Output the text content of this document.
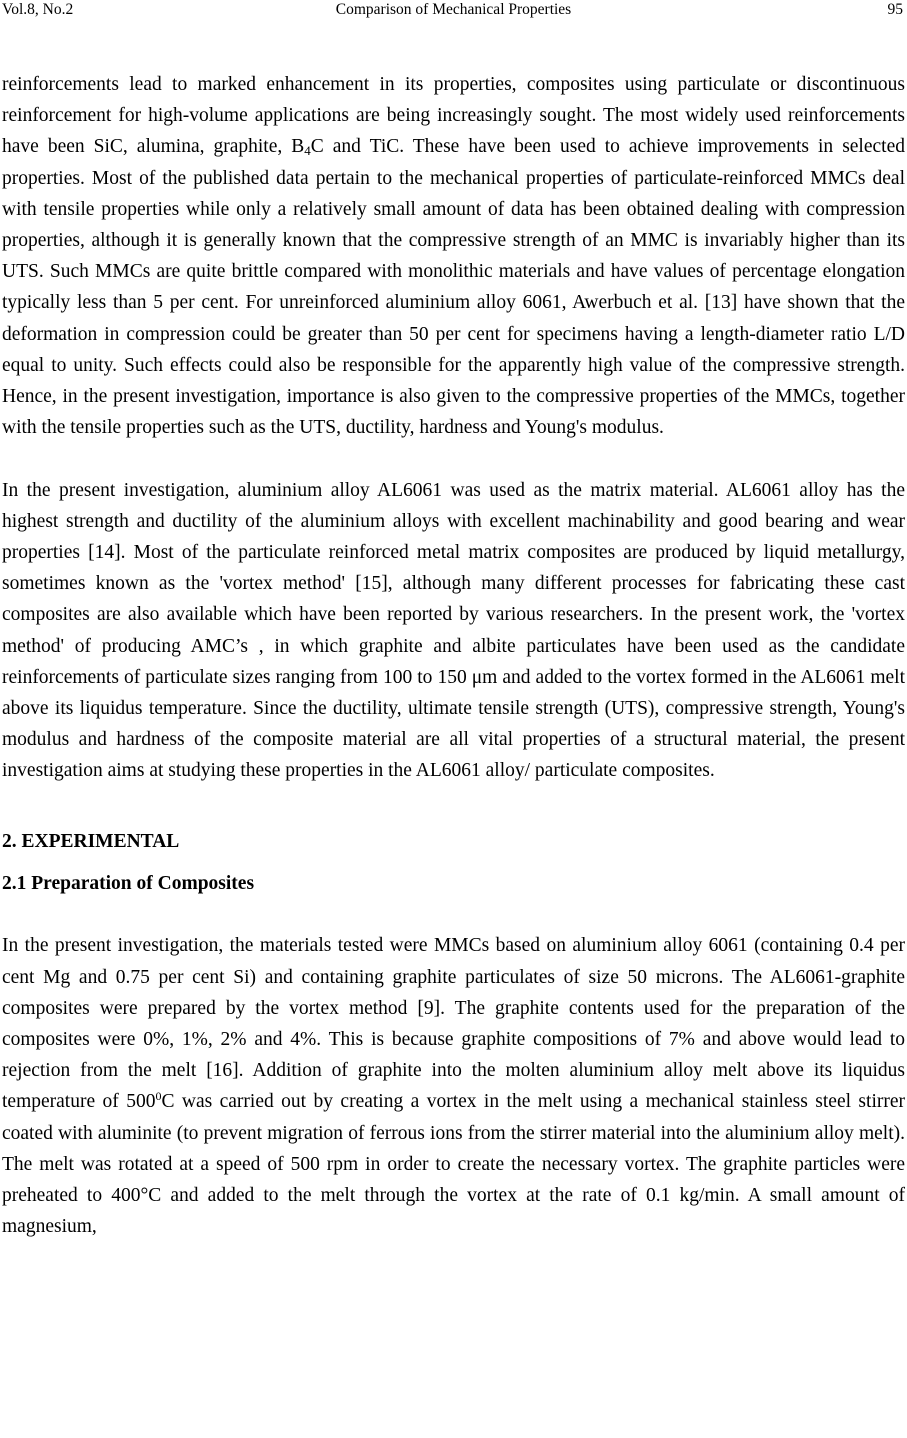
Vol.8, No.2	Comparison of Mechanical Properties	95

reinforcements lead to marked enhancement in its properties, composites using particulate or discontinuous reinforcement for high-volume applications are being increasingly sought. The most widely used reinforcements have been SiC, alumina, graphite, $B_4C$ and TiC. These have been used to achieve improvements in selected properties. Most of the published data pertain to the mechanical properties of particulate-reinforced MMCs deal with tensile properties while only a relatively small amount of data has been obtained dealing with compression properties, although it is generally known that the compressive strength of an MMC is invariably higher than its UTS. Such MMCs are quite brittle compared with monolithic materials and have values of percentage elongation typically less than 5 per cent. For unreinforced aluminium alloy 6061, Awerbuch et al. [13] have shown that the deformation in compression could be greater than 50 per cent for specimens having a length-diameter ratio L/D equal to unity. Such effects could also be responsible for the apparently high value of the compressive strength. Hence, in the present investigation, importance is also given to the compressive properties of the MMCs, together with the tensile properties such as the UTS, ductility, hardness and Young's modulus.

In the present investigation, aluminium alloy AL6061 was used as the matrix material. AL6061 alloy has the highest strength and ductility of the aluminium alloys with excellent machinability and good bearing and wear properties [14]. Most of the particulate reinforced metal matrix composites are produced by liquid metallurgy, sometimes known as the 'vortex method' [15], although many different processes for fabricating these cast composites are also available which have been reported by various researchers. In the present work, the 'vortex method' of producing AMC’s , in which graphite and albite particulates have been used as the candidate reinforcements of particulate sizes ranging from 100 to 150 μm and added to the vortex formed in the AL6061 melt above its liquidus temperature. Since the ductility, ultimate tensile strength (UTS), compressive strength, Young's modulus and hardness of the composite material are all vital properties of a structural material, the present investigation aims at studying these properties in the AL6061 alloy/ particulate composites.

2. EXPERIMENTAL
2.1 Preparation of Composites

In the present investigation, the materials tested were MMCs based on aluminium alloy 6061 (containing 0.4 per cent Mg and 0.75 per cent Si) and containing graphite particulates of size 50 microns. The AL6061-graphite composites were prepared by the vortex method [9]. The graphite contents used for the preparation of the composites were 0%, 1%, 2% and 4%. This is because graphite compositions of 7% and above would lead to rejection from the melt [16]. Addition of graphite into the molten aluminium alloy melt above its liquidus temperature of $500^0C$ was carried out by creating a vortex in the melt using a mechanical stainless steel stirrer coated with aluminite (to prevent migration of ferrous ions from the stirrer material into the aluminium alloy melt). The melt was rotated at a speed of 500 rpm in order to create the necessary vortex. The graphite particles were preheated to 400°C and added to the melt through the vortex at the rate of 0.1 kg/min. A small amount of magnesium,
